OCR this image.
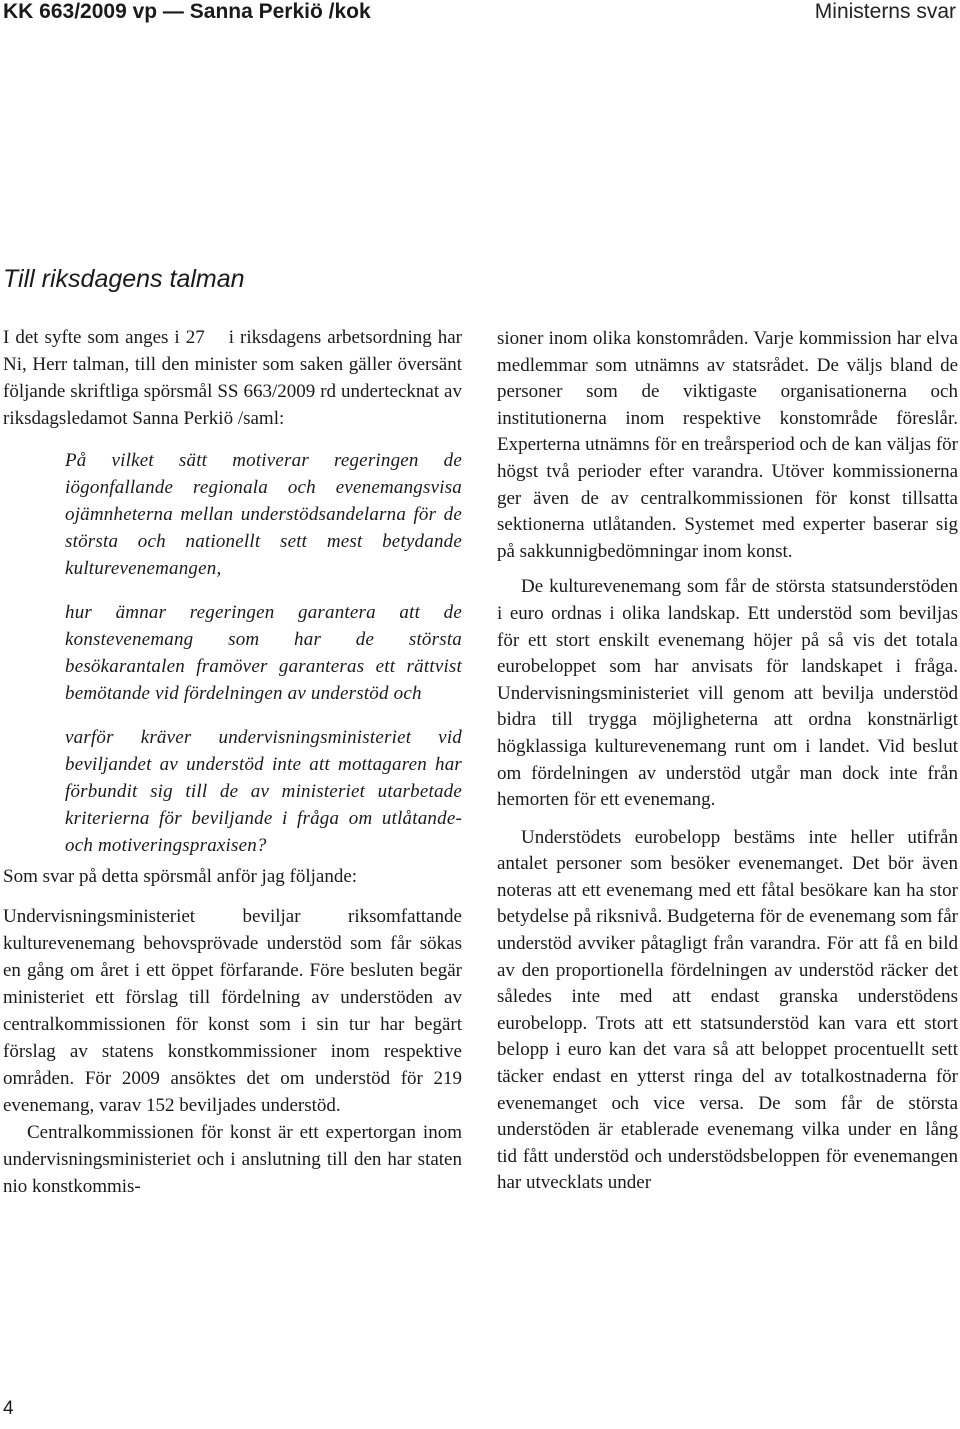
KK 663/2009 vp — Sanna Perkiö /kok	Ministerns svar
Till riksdagens talman

I det syfte som anges i 27 i riksdagens arbetsordning har Ni, Herr talman, till den minister som saken gäller översänt följande skriftliga spörsmål SS 663/2009 rd undertecknat av riksdagsledamot Sanna Perkiö /saml:

På vilket sätt motiverar regeringen de iögonfallande regionala och evenemangsvisa ojämnheterna mellan understödsandelarna för de största och nationellt sett mest betydande kulturevenemangen,

hur ämnar regeringen garantera att de konstevenemang som har de största besökarantalen framöver garanteras ett rättvist bemötande vid fördelningen av understöd och

varför kräver undervisningsministeriet vid beviljandet av understöd inte att mottagaren har förbundit sig till de av ministeriet utarbetade kriterierna för beviljande i fråga om utlåtande- och motiveringspraxisen?

Som svar på detta spörsmål anför jag följande:

Undervisningsministeriet beviljar riksomfattande kulturevenemang behovsprövade understöd som får sökas en gång om året i ett öppet förfarande. Före besluten begär ministeriet ett förslag till fördelning av understöden av centralkommissionen för konst som i sin tur har begärt förslag av statens konstkommissioner inom respektive områden. För 2009 ansöktes det om understöd för 219 evenemang, varav 152 beviljades understöd.

Centralkommissionen för konst är ett expertorgan inom undervisningsministeriet och i anslutning till den har staten nio konstkommis-

sioner inom olika konstområden. Varje kommission har elva medlemmar som utnämns av statsrådet. De väljs bland de personer som de viktigaste organisationerna och institutionerna inom respektive konstområde föreslår. Experterna utnämns för en treårsperiod och de kan väljas för högst två perioder efter varandra. Utöver kommissionerna ger även de av centralkommissionen för konst tillsatta sektionerna utlåtanden. Systemet med experter baserar sig på sakkunnigbedömningar inom konst.

De kulturevenemang som får de största statsunderstöden i euro ordnas i olika landskap. Ett understöd som beviljas för ett stort enskilt evenemang höjer på så vis det totala eurobeloppet som har anvisats för landskapet i fråga. Undervisningsministeriet vill genom att bevilja understöd bidra till trygga möjligheterna att ordna konstnärligt högklassiga kulturevenemang runt om i landet. Vid beslut om fördelningen av understöd utgår man dock inte från hemorten för ett evenemang.

Understödets eurobelopp bestäms inte heller utifrån antalet personer som besöker evenemanget. Det bör även noteras att ett evenemang med ett fåtal besökare kan ha stor betydelse på riksnivå. Budgeterna för de evenemang som får understöd avviker påtagligt från varandra. För att få en bild av den proportionella fördelningen av understöd räcker det således inte med att endast granska understödens eurobelopp. Trots att ett statsunderstöd kan vara ett stort belopp i euro kan det vara så att beloppet procentuellt sett täcker endast en ytterst ringa del av totalkostnaderna för evenemanget och vice versa. De som får de största understöden är etablerade evenemang vilka under en lång tid fått understöd och understödsbeloppen för evenemangen har utvecklats under

4
